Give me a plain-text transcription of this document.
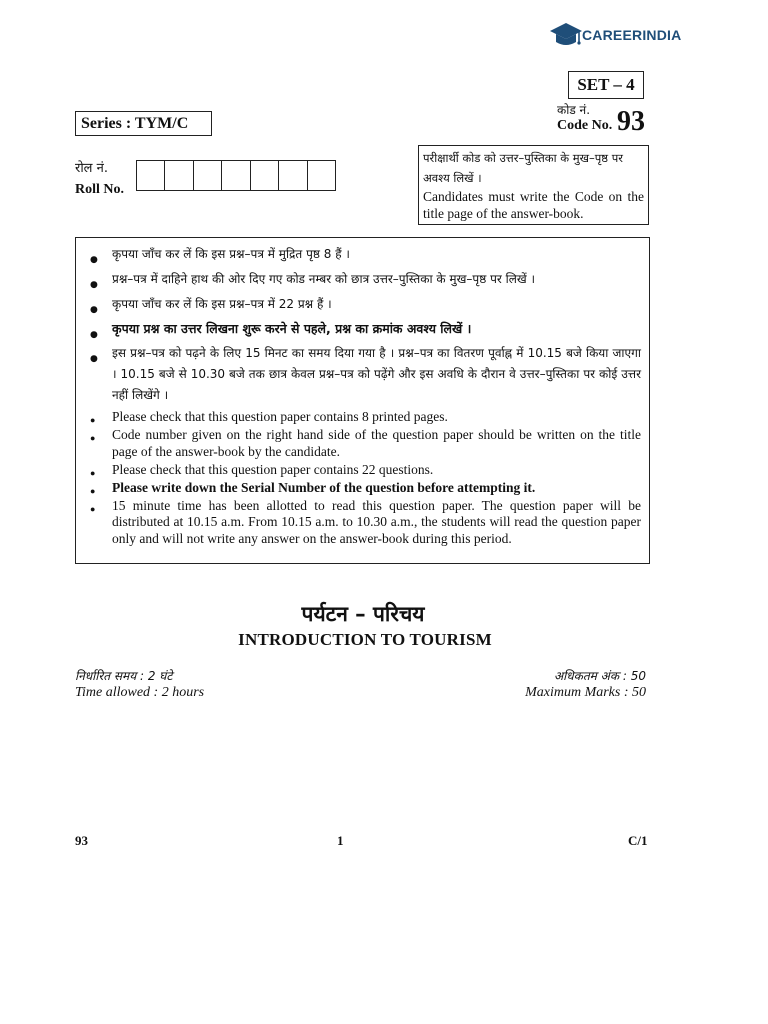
CAREERINDIA
SET – 4
कोड नं.
Code No. 93
Series : TYM/C
रोल नं.
Roll No.
परीक्षार्थी कोड को उत्तर–पुस्तिका के मुख–पृष्ठ पर अवश्य लिखें ।
Candidates must write the Code on the title page of the answer-book.
● कृपया जाँच कर लें कि इस प्रश्न–पत्र में मुद्रित पृष्ठ 8 हैं ।
● प्रश्न–पत्र में दाहिने हाथ की ओर दिए गए कोड नम्बर को छात्र उत्तर–पुस्तिका के मुख–पृष्ठ पर लिखें ।
● कृपया जाँच कर लें कि इस प्रश्न–पत्र में 22 प्रश्न हैं ।
● कृपया प्रश्न का उत्तर लिखना शुरू करने से पहले, प्रश्न का क्रमांक अवश्य लिखें ।
● इस प्रश्न–पत्र को पढ़ने के लिए 15 मिनट का समय दिया गया है । प्रश्न–पत्र का वितरण पूर्वाह्न में 10.15 बजे किया जाएगा । 10.15 बजे से 10.30 बजे तक छात्र केवल प्रश्न–पत्र को पढ़ेंगे और इस अवधि के दौरान वे उत्तर–पुस्तिका पर कोई उत्तर नहीं लिखेंगे ।
● Please check that this question paper contains 8 printed pages.
● Code number given on the right hand side of the question paper should be written on the title page of the answer-book by the candidate.
● Please check that this question paper contains 22 questions.
● Please write down the Serial Number of the question before attempting it.
● 15 minute time has been allotted to read this question paper. The question paper will be distributed at 10.15 a.m. From 10.15 a.m. to 10.30 a.m., the students will read the question paper only and will not write any answer on the answer-book during this period.
पर्यटन – परिचय
INTRODUCTION TO TOURISM
निर्धारित समय : 2 घंटे
Time allowed : 2 hours
अधिकतम अंक : 50
Maximum Marks : 50
93	1	C/1
